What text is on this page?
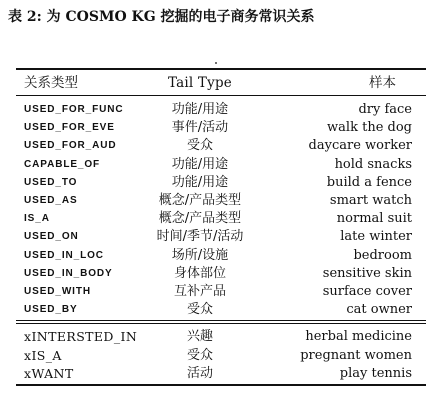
表 2: 为 COSMO KG 挖掘的电子商务常识关系
关系类型	Tail Type	样本
USED_FOR_FUNC	功能/用途	dry face
USED_FOR_EVE	事件/活动	walk the dog
USED_FOR_AUD	受众	daycare worker
CAPABLE_OF	功能/用途	hold snacks
USED_TO	功能/用途	build a fence
USED_AS	概念/产品类型	smart watch
IS_A	概念/产品类型	normal suit
USED_ON	时间/季节/活动	late winter
USED_IN_LOC	场所/设施	bedroom
USED_IN_BODY	身体部位	sensitive skin
USED_WITH	互补产品	surface cover
USED_BY	受众	cat owner
xINTERSTED_IN	兴趣	herbal medicine
xIS_A	受众	pregnant women
xWANT	活动	play tennis
